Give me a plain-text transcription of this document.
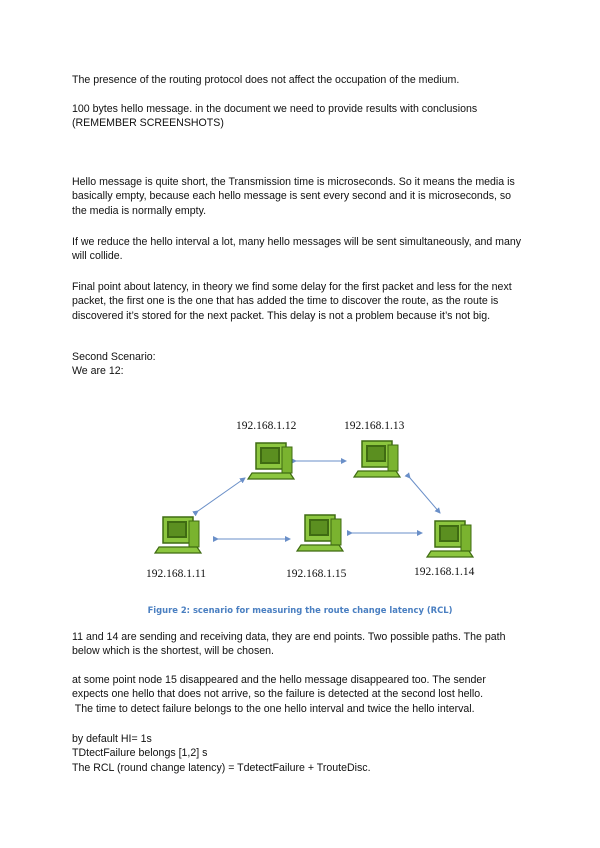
The presence of the routing protocol does not affect the occupation of the medium.

100 bytes hello message. in the document we need to provide results with conclusions (REMEMBER SCREENSHOTS)

Hello message is quite short, the Transmission time is microseconds. So it means the media is basically empty, because each hello message is sent every second and it is microseconds, so the media is normally empty.

If we reduce the hello interval a lot, many hello messages will be sent simultaneously, and many will collide.

Final point about latency, in theory we find some delay for the first packet and less for the next packet, the first one is the one that has added the time to discover the route, as the route is discovered it’s stored for the next packet. This delay is not a problem because it’s not big.

Second Scenario:
We are 12:
192.168.1.12	192.168.1.13
192.168.1.11	192.168.1.15	192.168.1.14
Figure 2: scenario for measuring the route change latency (RCL)

11 and 14 are sending and receiving data, they are end points. Two possible paths. The path below which is the shortest, will be chosen.

at some point node 15 disappeared and the hello message disappeared too. The sender
expects one hello that does not arrive, so the failure is detected at the second lost hello.
The time to detect failure belongs to the one hello interval and twice the hello interval.
by default HI= 1s
TDtectFailure belongs [1,2] s
The RCL (round change latency) = TdetectFailure + TrouteDisc.
